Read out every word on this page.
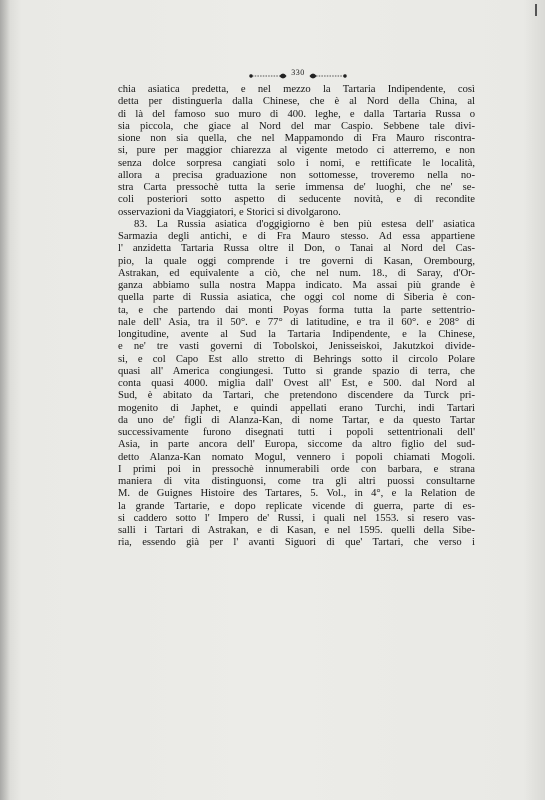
330
chia asiatica predetta, e nel mezzo la Tartaria Indipendente, così
detta per distinguerla dalla Chinese, che è al Nord della China, al
di là del famoso suo muro di 400. leghe, e dalla Tartaria Russa o
sia piccola, che giace al Nord del mar Caspio. Sebbene tale divi-
sione non sia quella, che nel Mappamondo di Fra Mauro riscontra-
si, pure per maggior chiarezza al vigente metodo ci atterremo, e non
senza dolce sorpresa cangiati solo i nomi, e rettificate le località,
allora a precisa graduazione non sottomesse, troveremo nella no-
stra Carta pressochè tutta la serie immensa de' luoghi, che ne' se-
coli posteriori sotto aspetto di seducente novità, e di recondite
osservazioni da Viaggiatori, e Storici si divolgarono.
83. La Russia asiatica d'oggigiorno è ben più estesa dell' asiatica
Sarmazia degli antichi, e di Fra Mauro stesso. Ad essa appartiene
l' anzidetta Tartaria Russa oltre il Don, o Tanai al Nord del Cas-
pio, la quale oggi comprende i tre governi di Kasan, Orembourg,
Astrakan, ed equivalente a ciò, che nel num. 18., di Saray, d'Or-
ganza abbiamo sulla nostra Mappa indicato. Ma assai più grande è
quella parte di Russia asiatica, che oggi col nome di Siberia è con-
ta, e che partendo dai monti Poyas forma tutta la parte settentrio-
nale dell' Asia, tra il 50°. e 77° di latitudine, e tra il 60°. e 208° di
longitudine, avente al Sud la Tartaria Indipendente, e la Chinese,
e ne' tre vasti governi di Tobolskoi, Jenisseiskoi, Jakutzkoi divide-
si, e col Capo Est allo stretto di Behrings sotto il circolo Polare
quasi all' America congiungesi. Tutto sì grande spazio di terra, che
conta quasi 4000. miglia dall' Ovest all' Est, e 500. dal Nord al
Sud, è abitato da Tartari, che pretendono discendere da Turck pri-
mogenito di Japhet, e quindi appellati erano Turchi, indi Tartari
da uno de' figli di Alanza-Kan, di nome Tartar, e da questo Tartar
successivamente furono disegnati tutti i popoli settentrionali dell'
Asia, in parte ancora dell' Europa, siccome da altro figlio del sud-
detto Alanza-Kan nomato Mogul, vennero i popoli chiamati Mogoli.
I primi poi in pressochè innumerabili orde con barbara, e strana
maniera di vita distinguonsi, come tra gli altri puossi consultarne
M. de Guignes Histoire des Tartares, 5. Vol., in 4°, e la Relation de
la grande Tartarie, e dopo replicate vicende di guerra, parte di es-
si caddero sotto l' Impero de' Russi, i quali nel 1553. si resero vas-
salli i Tartari di Astrakan, e di Kasan, e nel 1595. quelli della Sibe-
ria, essendo già per l' avanti Siguori di que' Tartari, che verso i
